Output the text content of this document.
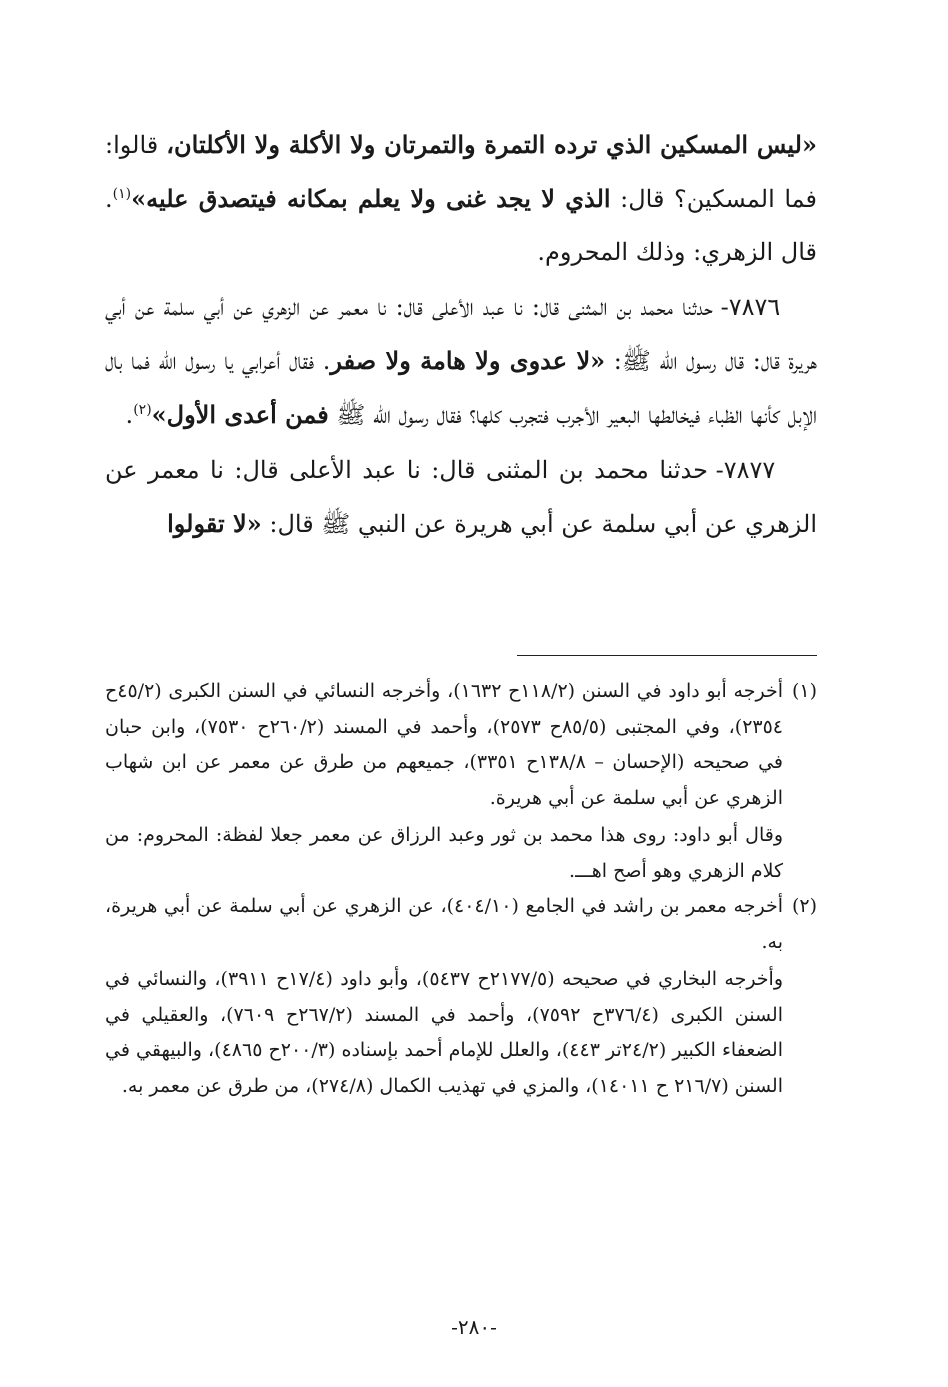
«ليس المسكين الذي ترده التمرة والتمرتان ولا الأكلة ولا الأكلتان، قالوا: فما المسكين؟ قال: الذي لا يجد غنى ولا يعلم بمكانه فيتصدق عليه»$^{(١)}$. قال الزهري: وذلك المحروم.

٧٨٧٦- حدثنا محمد بن المثنى قال: نا عبد الأعلى قال: نا معمر عن الزهري عن أبي سلمة عن أبي هريرة قال: قال رسول الله ﷺ: «لا عدوى ولا هامة ولا صفر. فقال أعرابي يا رسول الله فما بال الإبل كأنها الظباء فيخالطها البعير الأجرب فتجرب كلها؟ فقال رسول الله ﷺ فمن أعدى الأول»$^{(٢)}$.

٧٨٧٧- حدثنا محمد بن المثنى قال: نا عبد الأعلى قال: نا معمر عن الزهري عن أبي سلمة عن أبي هريرة عن النبي ﷺ قال: «لا تقولوا

(١)

أخرجه أبو داود في السنن (١١٨/٢ح ١٦٣٢)، وأخرجه النسائي في السنن الكبرى (٤٥/٢ح ٢٣٥٤)، وفي المجتبى (٨٥/٥ح ٢٥٧٣)، وأحمد في المسند (٢٦٠/٢ح ٧٥٣٠)، وابن حبان في صحيحه (الإحسان – ١٣٨/٨ح ٣٣٥١)، جميعهم من طرق عن معمر عن ابن شهاب الزهري عن أبي سلمة عن أبي هريرة.

وقال أبو داود: روى هذا محمد بن ثور وعبد الرزاق عن معمر جعلا لفظة: المحروم: من كلام الزهري وهو أصح اهـــ.

(٢)

أخرجه معمر بن راشد في الجامع (٤٠٤/١٠)، عن الزهري عن أبي سلمة عن أبي هريرة، به.

وأخرجه البخاري في صحيحه (٢١٧٧/٥ح ٥٤٣٧)، وأبو داود (١٧/٤ح ٣٩١١)، والنسائي في السنن الكبرى (٣٧٦/٤ح ٧٥٩٢)، وأحمد في المسند (٢٦٧/٢ح ٧٦٠٩)، والعقيلي في الضعفاء الكبير (٢٤/٢تر ٤٤٣)، والعلل للإمام أحمد بإسناده (٢٠٠/٣ح ٤٨٦٥)، والبيهقي في السنن (٢١٦/٧ ح ١٤٠١١)، والمزي في تهذيب الكمال (٢٧٤/٨)، من طرق عن معمر به.

-٢٨٠-
